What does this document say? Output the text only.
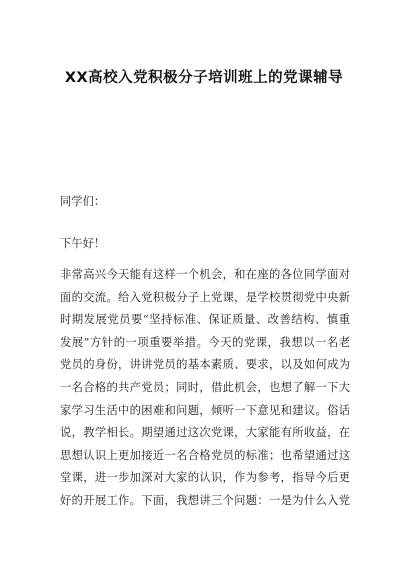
XX高校入党积极分子培训班上的党课辅导
同学们：
下午好！
非常高兴今天能有这样一个机会，和在座的各位同学面对
面的交流。给入党积极分子上党课，是学校贯彻党中央新
时期发展党员要“坚持标准、保证质量、改善结构、慎重
发展”方针的一项重要举措。今天的党课，我想以一名老
党员的身份，讲讲党员的基本素质、要求，以及如何成为
一名合格的共产党员；同时，借此机会，也想了解一下大
家学习生活中的困难和问题，倾听一下意见和建议。俗话
说，教学相长。期望通过这次党课，大家能有所收益，在
思想认识上更加接近一名合格党员的标准；也希望通过这
堂课，进一步加深对大家的认识，作为参考，指导今后更
好的开展工作。下面，我想讲三个问题：一是为什么入党
